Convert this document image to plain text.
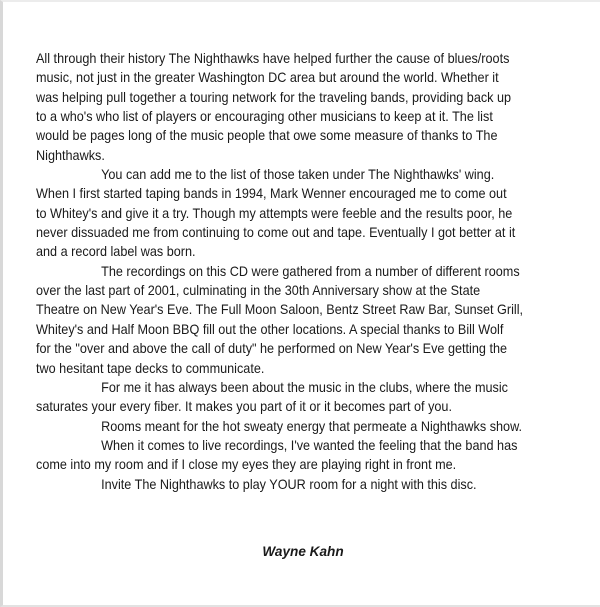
All through their history The Nighthawks have helped further the cause of blues/roots
music, not just in the greater Washington DC area but around the world. Whether it
was helping pull together a touring network for the traveling bands, providing back up
to a who's who list of players or encouraging other musicians to keep at it. The list
would be pages long of the music people that owe some measure of thanks to The
Nighthawks.
You can add me to the list of those taken under The Nighthawks' wing.
When I first started taping bands in 1994, Mark Wenner encouraged me to come out
to Whitey's and give it a try. Though my attempts were feeble and the results poor, he
never dissuaded me from continuing to come out and tape. Eventually I got better at it
and a record label was born.
The recordings on this CD were gathered from a number of different rooms
over the last part of 2001, culminating in the 30th Anniversary show at the State
Theatre on New Year's Eve. The Full Moon Saloon, Bentz Street Raw Bar, Sunset Grill,
Whitey's and Half Moon BBQ fill out the other locations. A special thanks to Bill Wolf
for the "over and above the call of duty" he performed on New Year's Eve getting the
two hesitant tape decks to communicate.
For me it has always been about the music in the clubs, where the music
saturates your every fiber. It makes you part of it or it becomes part of you.
Rooms meant for the hot sweaty energy that permeate a Nighthawks show.
When it comes to live recordings, I've wanted the feeling that the band has
come into my room and if I close my eyes they are playing right in front me.
Invite The Nighthawks to play YOUR room for a night with this disc.
Wayne Kahn
